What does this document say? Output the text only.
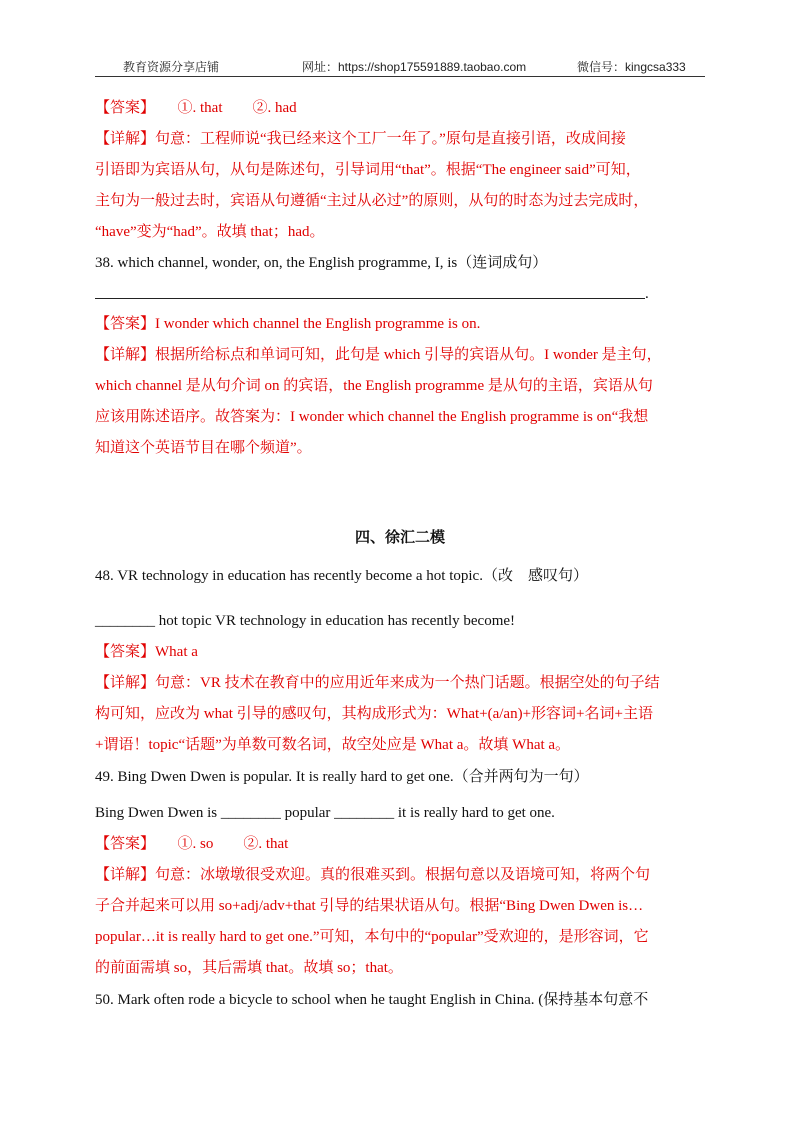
教育资源分享店铺	网址：https://shop175591889.taobao.com	微信号：kingcsa333
【答案】　　①. that　　②. had
【详解】句意：工程师说“我已经来这个工厂一年了。”原句是直接引语，改成间接
引语即为宾语从句，从句是陈述句，引导词用“that”。根据“The engineer said”可知，
主句为一般过去时，宾语从句遵循“主过从必过”的原则，从句的时态为过去完成时，
“have”变为“had”。故填 that；had。
38. which channel, wonder, on, the English programme, I, is（连词成句）
.
【答案】I wonder which channel the English programme is on.
【详解】根据所给标点和单词可知，此句是 which 引导的宾语从句。I wonder 是主句，
which channel 是从句介词 on 的宾语，the English programme 是从句的主语，宾语从句
应该用陈述语序。故答案为：I wonder which channel the English programme is on“我想
知道这个英语节目在哪个频道”。
四、徐汇二模
48. VR technology in education has recently become a hot topic.（改　感叹句）
________ hot topic VR technology in education has recently become!
【答案】What a
【详解】句意：VR 技术在教育中的应用近年来成为一个热门话题。根据空处的句子结
构可知，应改为 what 引导的感叹句，其构成形式为：What+(a/an)+形容词+名词+主语
+谓语！topic“话题”为单数可数名词，故空处应是 What a。故填 What a。
49. Bing Dwen Dwen is popular. It is really hard to get one.（合并两句为一句）
Bing Dwen Dwen is ________ popular ________ it is really hard to get one.
【答案】　　①. so　　②. that
【详解】句意：冰墩墩很受欢迎。真的很难买到。根据句意以及语境可知，将两个句
子合并起来可以用 so+adj/adv+that 引导的结果状语从句。根据“Bing Dwen Dwen is…
popular…it is really hard to get one.”可知，本句中的“popular”受欢迎的，是形容词，它
的前面需填 so，其后需填 that。故填 so；that。
50. Mark often rode a bicycle to school when he taught English in China. (保持基本句意不
